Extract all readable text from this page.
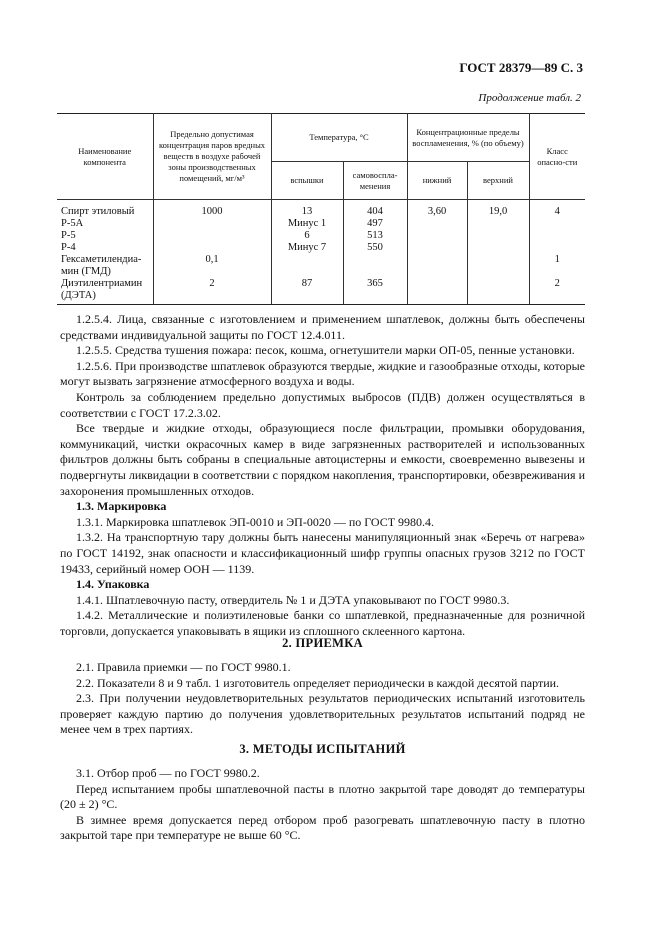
ГОСТ 28379—89 С. 3
Продолжение табл. 2
Наименование компонента	Предельно допустимая концентрация паров вредных веществ в воздухе рабочей зоны производственных помещений, мг/м³	Температура, °С		Концентрационные пределы воспламенения, % (по объему)		Класс опасно-сти
		вспышки	самовоспла-менения	нижний	верхний	
Спирт этиловый	1000	13	404	3,60	19,0	4
Р-5А		Минус 1	497			
Р-5		6	513			
Р-4		Минус 7	550			
Гексаметилендиа-	0,1					1
мин (ГМД)						
Диэтилентриамин	2	87	365			2
(ДЭТА)						

1.2.5.4. Лица, связанные с изготовлением и применением шпатлевок, должны быть обеспечены средствами индивидуальной защиты по ГОСТ 12.4.011.

1.2.5.5. Средства тушения пожара: песок, кошма, огнетушители марки ОП-05, пенные установки.

1.2.5.6. При производстве шпатлевок образуются твердые, жидкие и газообразные отходы, которые могут вызвать загрязнение атмосферного воздуха и воды.

Контроль за соблюдением предельно допустимых выбросов (ПДВ) должен осуществляться в соответствии с ГОСТ 17.2.3.02.

Все твердые и жидкие отходы, образующиеся после фильтрации, промывки оборудования, коммуникаций, чистки окрасочных камер в виде загрязненных растворителей и использованных фильтров должны быть собраны в специальные автоцистерны и емкости, своевременно вывезены и подвергнуты ликвидации в соответствии с порядком накопления, транспортировки, обезвреживания и захоронения промышленных отходов.

1.3. Маркировка

1.3.1. Маркировка шпатлевок ЭП-0010 и ЭП-0020 — по ГОСТ 9980.4.

1.3.2. На транспортную тару должны быть нанесены манипуляционный знак «Беречь от нагрева» по ГОСТ 14192, знак опасности и классификационный шифр группы опасных грузов 3212 по ГОСТ 19433, серийный номер ООН — 1139.

1.4. Упаковка

1.4.1. Шпатлевочную пасту, отвердитель № 1 и ДЭТА упаковывают по ГОСТ 9980.3.

1.4.2. Металлические и полиэтиленовые банки со шпатлевкой, предназначенные для розничной торговли, допускается упаковывать в ящики из сплошного склеенного картона.

2. ПРИЕМКА

2.1. Правила приемки — по ГОСТ 9980.1.

2.2. Показатели 8 и 9 табл. 1 изготовитель определяет периодически в каждой десятой партии.

2.3. При получении неудовлетворительных результатов периодических испытаний изготовитель проверяет каждую партию до получения удовлетворительных результатов испытаний подряд не менее чем в трех партиях.

3. МЕТОДЫ ИСПЫТАНИЙ

3.1. Отбор проб — по ГОСТ 9980.2.

Перед испытанием пробы шпатлевочной пасты в плотно закрытой таре доводят до температуры (20 ± 2) °С.

В зимнее время допускается перед отбором проб разогревать шпатлевочную пасту в плотно закрытой таре при температуре не выше 60 °С.
